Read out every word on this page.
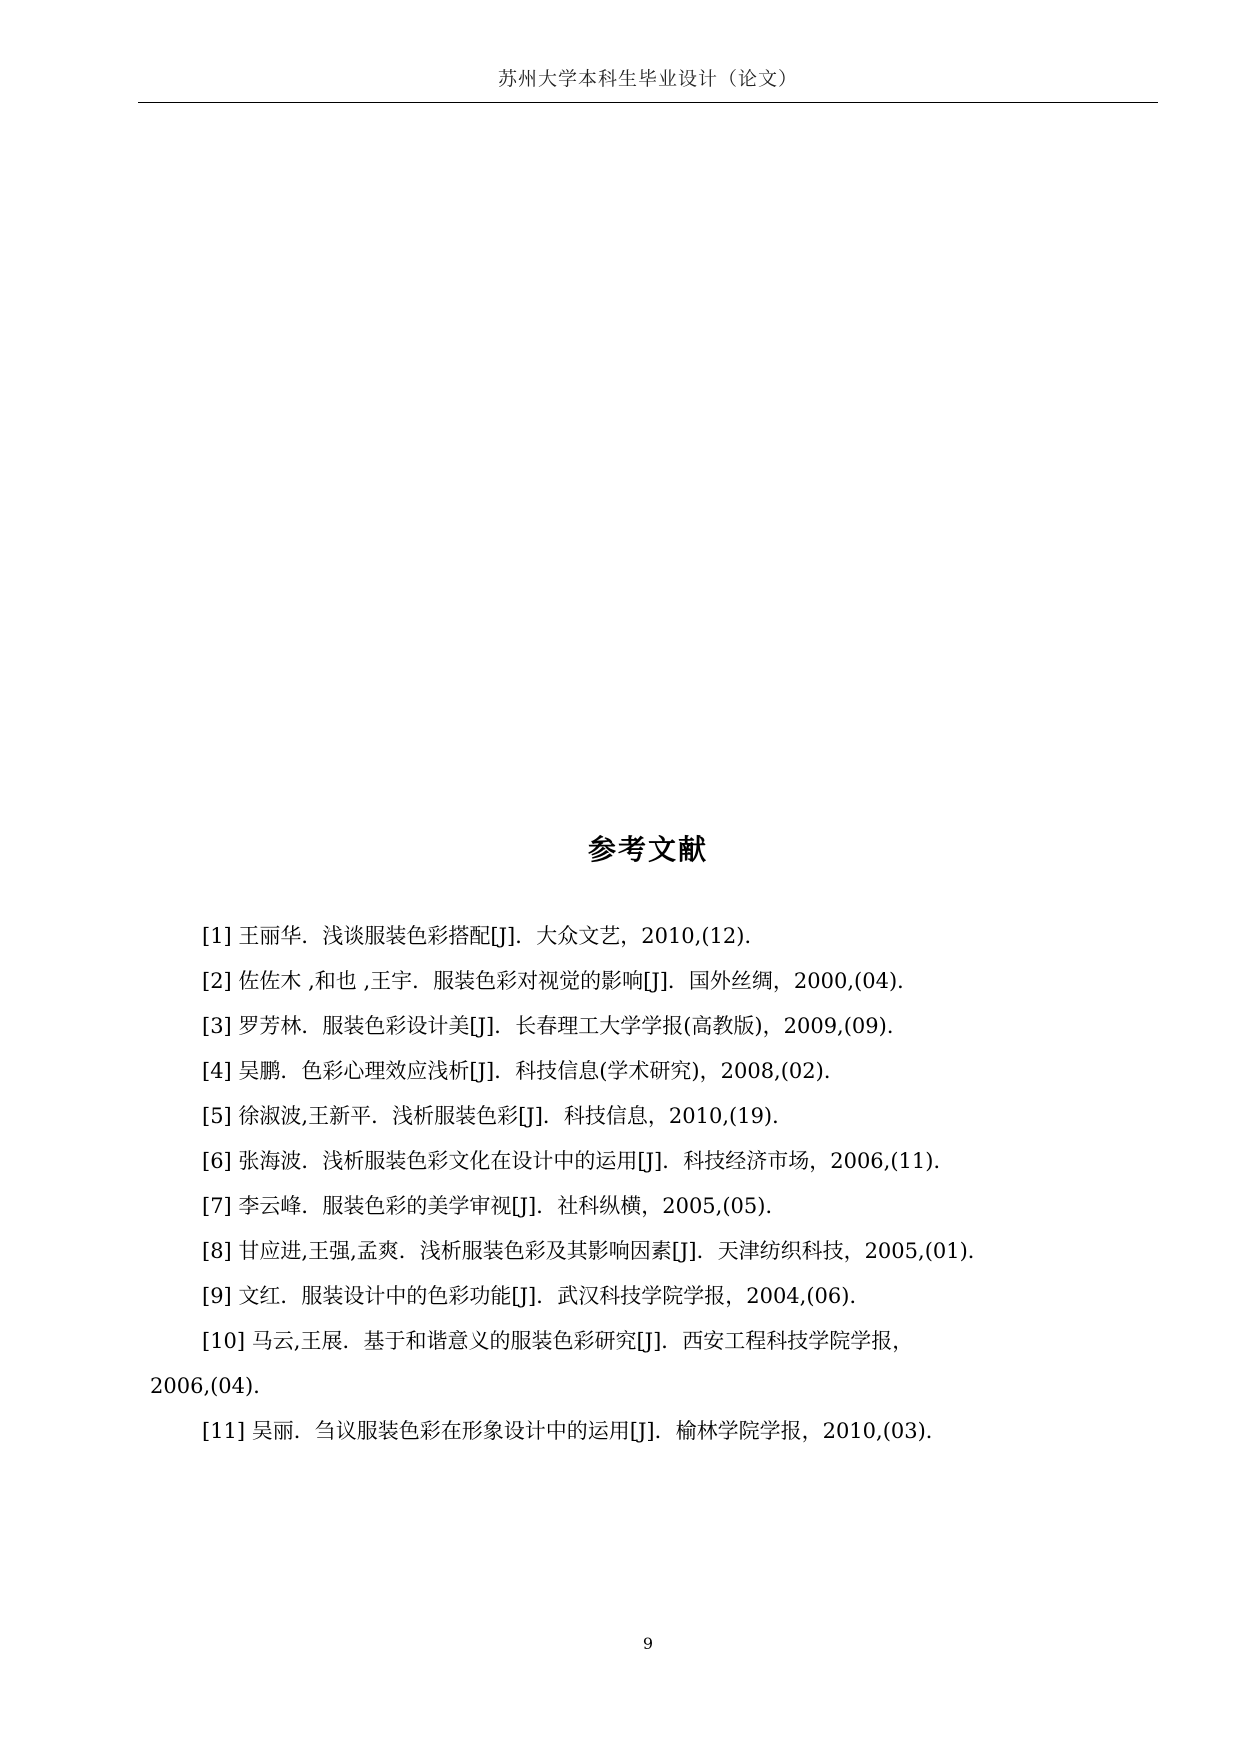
苏州大学本科生毕业设计（论文）
参考文献
[1] 王丽华．浅谈服装色彩搭配[J]．大众文艺，2010,(12)．
[2] 佐佐木 ,和也 ,王宇．服装色彩对视觉的影响[J]．国外丝绸，2000,(04)．
[3] 罗芳林．服装色彩设计美[J]．长春理工大学学报(高教版)，2009,(09)．
[4] 吴鹏．色彩心理效应浅析[J]．科技信息(学术研究)，2008,(02)．
[5] 徐淑波,王新平．浅析服装色彩[J]．科技信息，2010,(19)．
[6] 张海波．浅析服装色彩文化在设计中的运用[J]．科技经济市场，2006,(11)．
[7] 李云峰．服装色彩的美学审视[J]．社科纵横，2005,(05)．
[8] 甘应进,王强,孟爽．浅析服装色彩及其影响因素[J]．天津纺织科技，2005,(01)．
[9] 文红．服装设计中的色彩功能[J]．武汉科技学院学报，2004,(06)．
[10] 马云,王展．基于和谐意义的服装色彩研究[J]．西安工程科技学院学报，
2006,(04)．
[11] 吴丽．刍议服装色彩在形象设计中的运用[J]．榆林学院学报，2010,(03)．
9
